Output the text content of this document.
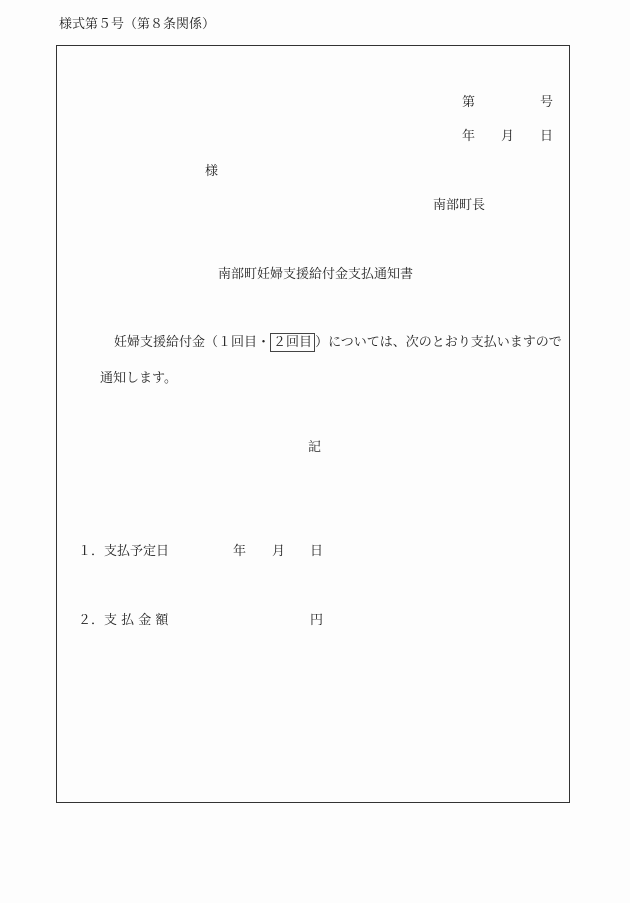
様式第５号（第８条関係）
第	号
年 月 日
様
南部町長
南部町妊婦支援給付金支払通知書
妊婦支援給付金（１回目・ ２回目 ）については、次のとおり支払いますので
通知します。
記
１．支払予定日	年 月 日
２．支 払 金 額	円
